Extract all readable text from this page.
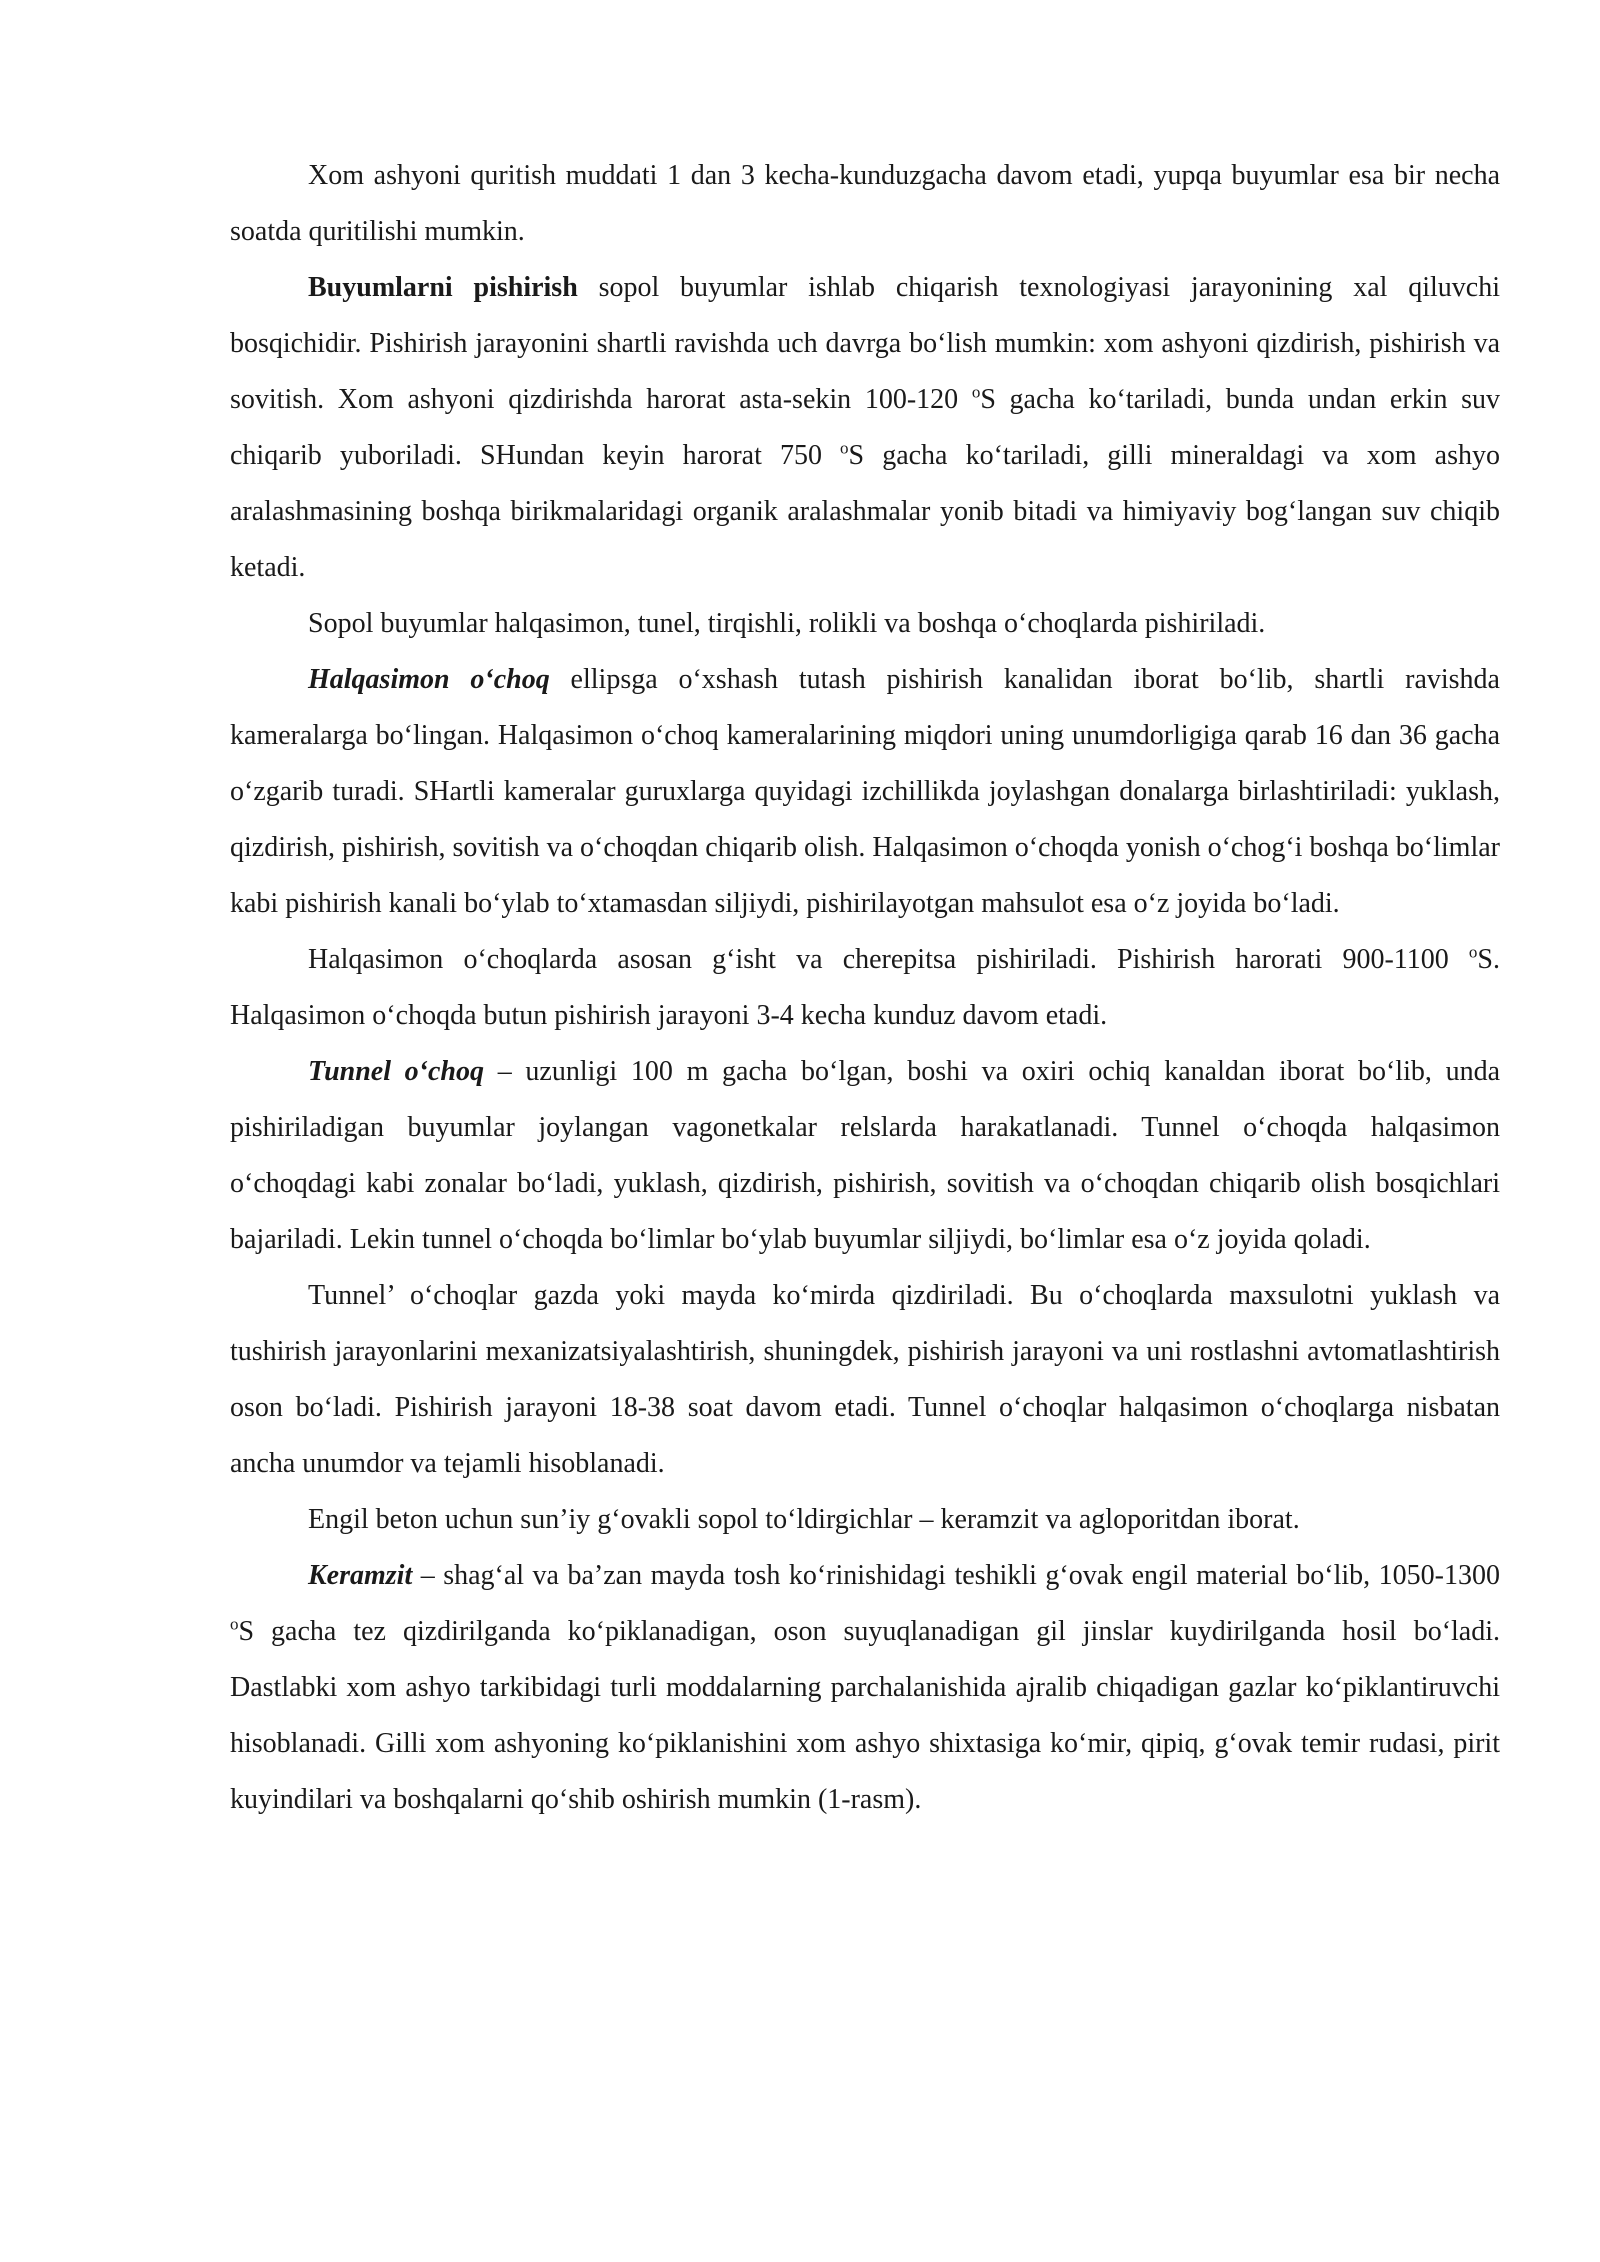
Xom ashyoni quritish muddati 1 dan 3 kecha-kunduzgacha davom etadi, yupqa buyumlar esa bir necha soatda quritilishi mumkin.

Buyumlarni pishirish sopol buyumlar ishlab chiqarish texnologiyasi jarayonining xal qiluvchi bosqichidir. Pishirish jarayonini shartli ravishda uch davrga bo‘lish mumkin: xom ashyoni qizdirish, pishirish va sovitish. Xom ashyoni qizdirishda harorat asta-sekin 100-120 $^o$S gacha ko‘tariladi, bunda undan erkin suv chiqarib yuboriladi. SHundan keyin harorat 750 $^o$S gacha ko‘tariladi, gilli mineraldagi va xom ashyo aralashmasining boshqa birikmalaridagi organik aralashmalar yonib bitadi va himiyaviy bog‘langan suv chiqib ketadi.

Sopol buyumlar halqasimon, tunel, tirqishli, rolikli va boshqa o‘choqlarda pishiriladi.

Halqasimon o‘choq ellipsga o‘xshash tutash pishirish kanalidan iborat bo‘lib, shartli ravishda kameralarga bo‘lingan. Halqasimon o‘choq kameralarining miqdori uning unumdorligiga qarab 16 dan 36 gacha o‘zgarib turadi. SHartli kameralar guruxlarga quyidagi izchillikda joylashgan donalarga birlashtiriladi: yuklash, qizdirish, pishirish, sovitish va o‘choqdan chiqarib olish. Halqasimon o‘choqda yonish o‘chog‘i boshqa bo‘limlar kabi pishirish kanali bo‘ylab to‘xtamasdan siljiydi, pishirilayotgan mahsulot esa o‘z joyida bo‘ladi.

Halqasimon o‘choqlarda asosan g‘isht va cherepitsa pishiriladi. Pishirish harorati 900-1100 $^o$S. Halqasimon o‘choqda butun pishirish jarayoni 3-4 kecha kunduz davom etadi.

Tunnel o‘choq – uzunligi 100 m gacha bo‘lgan, boshi va oxiri ochiq kanaldan iborat bo‘lib, unda pishiriladigan buyumlar joylangan vagonetkalar relslarda harakatlanadi. Tunnel o‘choqda halqasimon o‘choqdagi kabi zonalar bo‘ladi, yuklash, qizdirish, pishirish, sovitish va o‘choqdan chiqarib olish bosqichlari bajariladi. Lekin tunnel o‘choqda bo‘limlar bo‘ylab buyumlar siljiydi, bo‘limlar esa o‘z joyida qoladi.

Tunnel’ o‘choqlar gazda yoki mayda ko‘mirda qizdiriladi. Bu o‘choqlarda maxsulotni yuklash va tushirish jarayonlarini mexanizatsiyalashtirish, shuningdek, pishirish jarayoni va uni rostlashni avtomatlashtirish oson bo‘ladi. Pishirish jarayoni 18-38 soat davom etadi. Tunnel o‘choqlar halqasimon o‘choqlarga nisbatan ancha unumdor va tejamli hisoblanadi.

Engil beton uchun sun’iy g‘ovakli sopol to‘ldirgichlar – keramzit va agloporitdan iborat.

Keramzit – shag‘al va ba’zan mayda tosh ko‘rinishidagi teshikli g‘ovak engil material bo‘lib, 1050-1300 $^o$S gacha tez qizdirilganda ko‘piklanadigan, oson suyuqlanadigan gil jinslar kuydirilganda hosil bo‘ladi. Dastlabki xom ashyo tarkibidagi turli moddalarning parchalanishida ajralib chiqadigan gazlar ko‘piklantiruvchi hisoblanadi. Gilli xom ashyoning ko‘piklanishini xom ashyo shixtasiga ko‘mir, qipiq, g‘ovak temir rudasi, pirit kuyindilari va boshqalarni qo‘shib oshirish mumkin (1-rasm).
